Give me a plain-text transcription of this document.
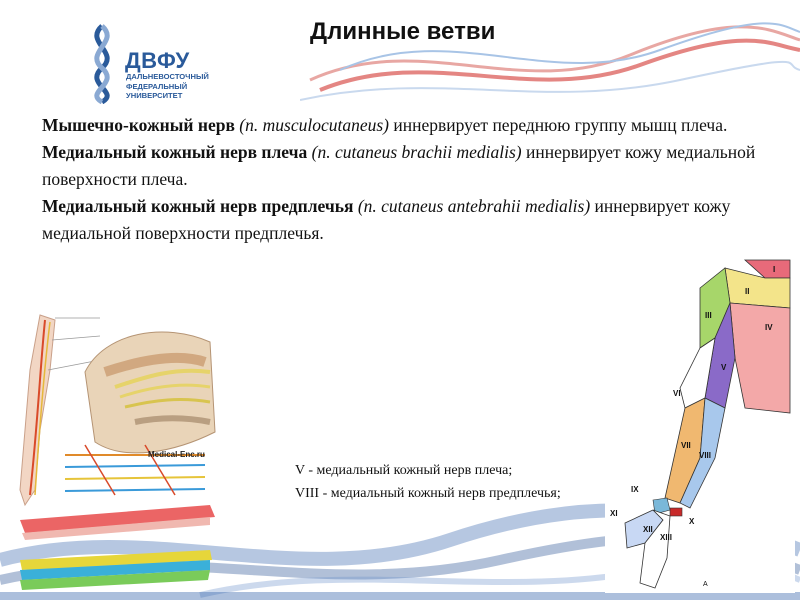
ДВФУ
ДАЛЬНЕВОСТОЧНЫЙ
ФЕДЕРАЛЬНЫЙ
УНИВЕРСИТЕТ
Длинные ветви

Мышечно-кожный нерв (n. musculocutaneus) иннервирует переднюю группу мышц плеча.

Медиальный кожный нерв плеча (n. cutaneus brachii medialis) иннервирует кожу медиальной поверхности плеча.

Медиальный кожный нерв предплечья (n. cutaneus antebrahii medialis) иннервирует кожу медиальной поверхности предплечья.

Medical-Enc.ru
I
II
III
IV
V
VI
VII
VIII
IX
X
XI
XII
XIII
A

V - медиальный кожный нерв плеча;

VIII - медиальный кожный нерв предплечья;
